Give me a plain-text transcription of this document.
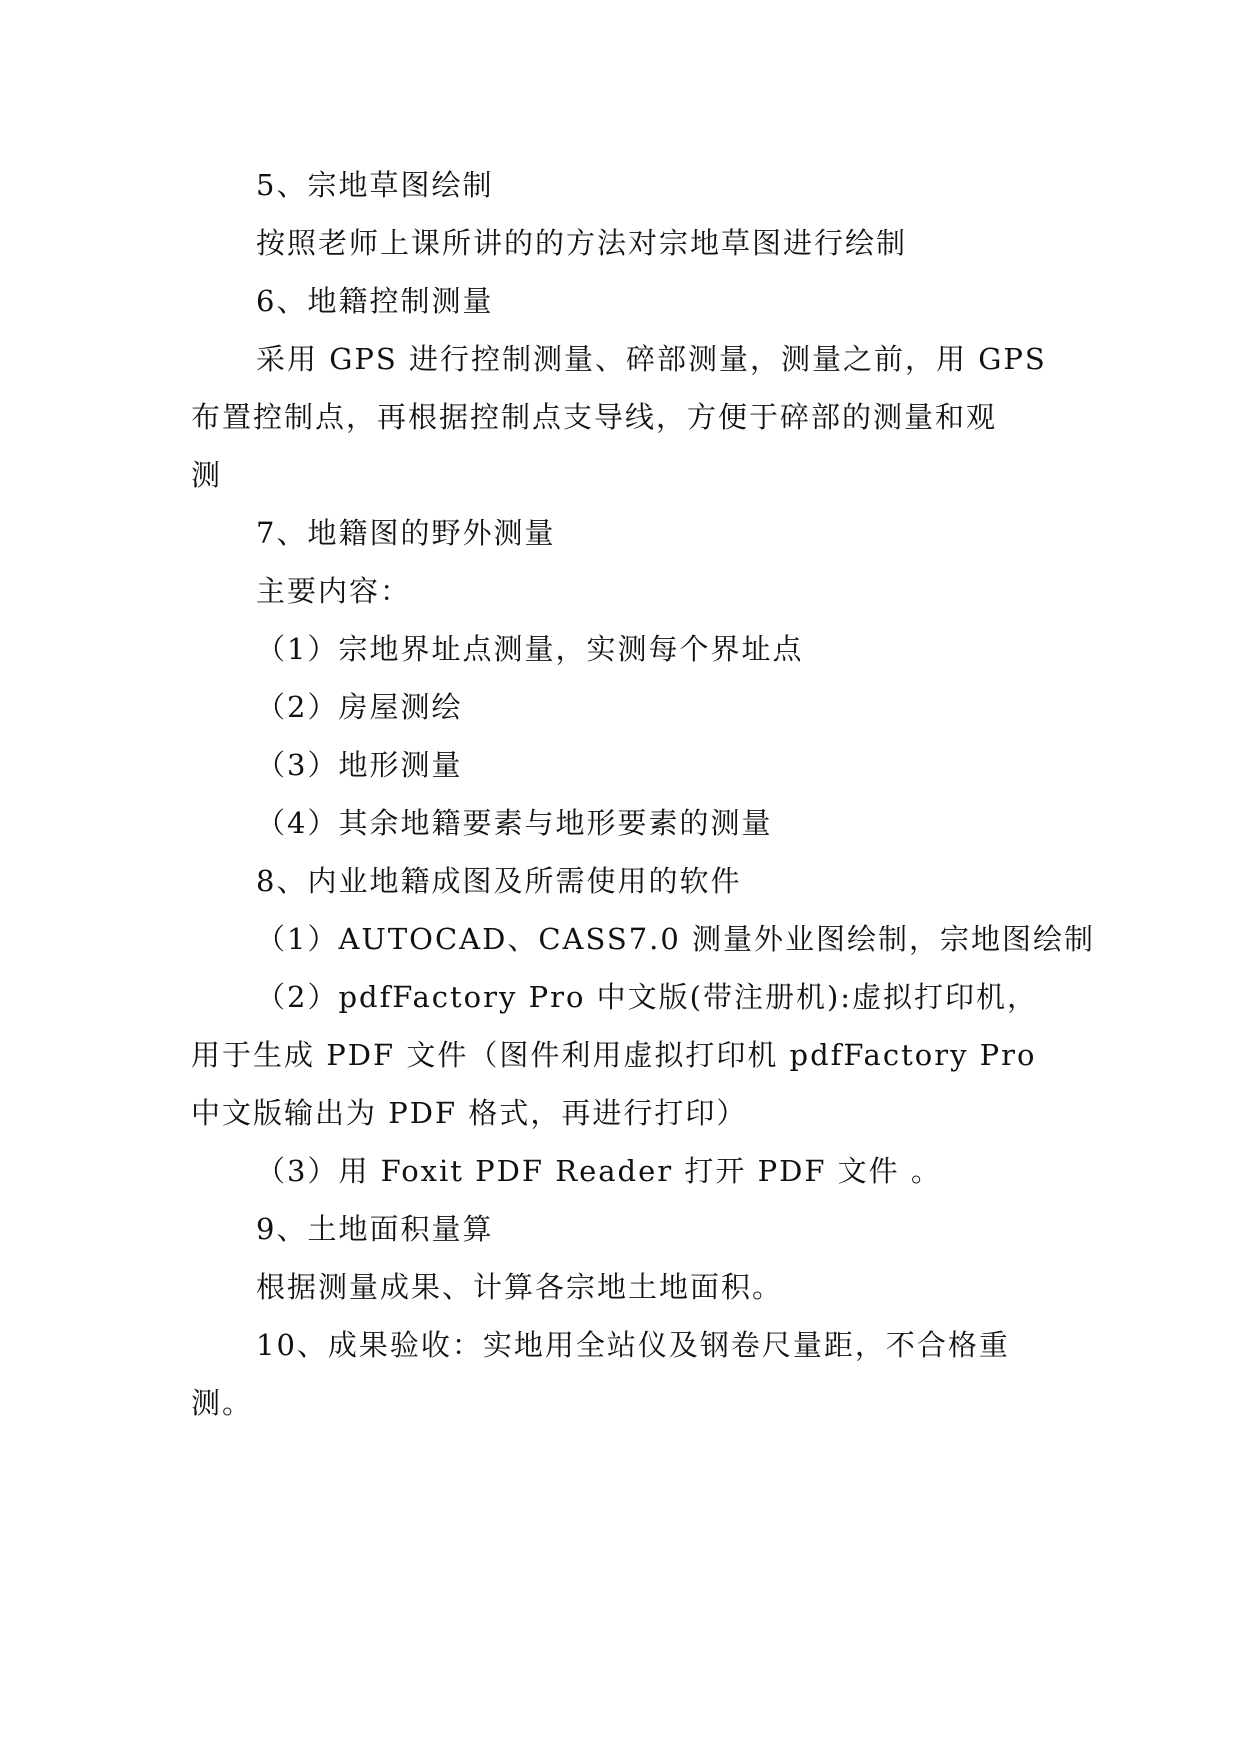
5、宗地草图绘制
按照老师上课所讲的的方法对宗地草图进行绘制
6、地籍控制测量
采用 GPS 进行控制测量、碎部测量，测量之前，用 GPS
布置控制点，再根据控制点支导线，方便于碎部的测量和观
测
7、地籍图的野外测量
主要内容：
（1）宗地界址点测量，实测每个界址点
（2）房屋测绘
（3）地形测量
（4）其余地籍要素与地形要素的测量
8、内业地籍成图及所需使用的软件
（1）AUTOCAD、CASS7.0 测量外业图绘制，宗地图绘制
（2）pdfFactory Pro 中文版(带注册机):虚拟打印机，
用于生成 PDF 文件（图件利用虚拟打印机 pdfFactory Pro
中文版输出为 PDF 格式，再进行打印）
（3）用 Foxit PDF Reader 打开 PDF 文件 。
9、土地面积量算
根据测量成果、计算各宗地土地面积。
10、成果验收：实地用全站仪及钢卷尺量距，不合格重
测。
